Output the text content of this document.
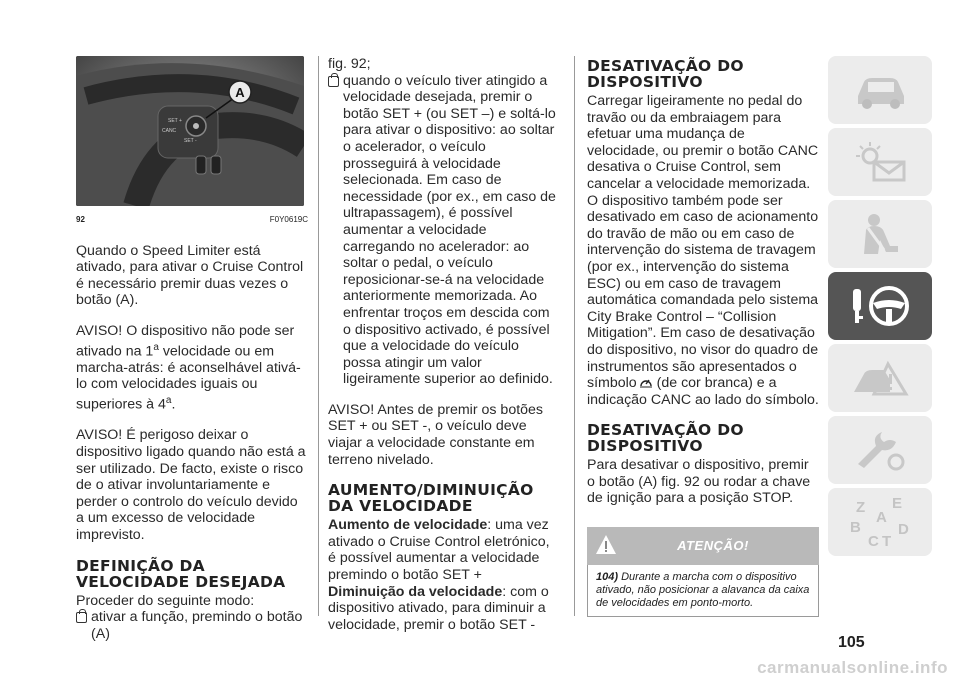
SET +
CANC
SET -
A
92	F0Y0619C

Quando o Speed Limiter está ativado, para ativar o Cruise Control é necessário premir duas vezes o botão (A).

AVISO! O dispositivo não pode ser ativado na 1$^a$ velocidade ou em marcha-atrás: é aconselhável ativá-lo com velocidades iguais ou superiores à 4$^a$.

AVISO! É perigoso deixar o dispositivo ligado quando não está a ser utilizado. De facto, existe o risco de o ativar involuntariamente e perder o controlo do veículo devido a um excesso de velocidade imprevisto.

DEFINIÇÃO DA VELOCIDADE DESEJADA

Proceder do seguinte modo:

ativar a função, premindo o botão (A)

fig. 92;

quando o veículo tiver atingido a velocidade desejada, premir o botão SET + (ou SET –) e soltá-lo para ativar o dispositivo: ao soltar o acelerador, o veículo prosseguirá à velocidade selecionada. Em caso de necessidade (por ex., em caso de ultrapassagem), é possível aumentar a velocidade carregando no acelerador: ao soltar o pedal, o veículo reposicionar-se-á na velocidade anteriormente memorizada. Ao enfrentar troços em descida com o dispositivo activado, é possível que a velocidade do veículo possa atingir um valor ligeiramente superior ao definido.

AVISO! Antes de premir os botões SET + ou SET -, o veículo deve viajar a velocidade constante em terreno nivelado.

AUMENTO/DIMINUIÇÃO DA VELOCIDADE

Aumento de velocidade: uma vez ativado o Cruise Control eletrónico, é possível aumentar a velocidade premindo o botão SET +

Diminuição da velocidade: com o dispositivo ativado, para diminuir a velocidade, premir o botão SET -

DESATIVAÇÃO DO DISPOSITIVO

Carregar ligeiramente no pedal do travão ou da embraiagem para efetuar uma mudança de velocidade, ou premir o botão CANC desativa o Cruise Control, sem cancelar a velocidade memorizada. O dispositivo também pode ser desativado em caso de acionamento do travão de mão ou em caso de intervenção do sistema de travagem (por ex., intervenção do sistema ESC) ou em caso de travagem automática comandada pelo sistema City Brake Control – “Collision Mitigation”. Em caso de desativação do dispositivo, no visor do quadro de instrumentos são apresentados o símbolo (de cor branca) e a indicação CANC ao lado do símbolo.

DESATIVAÇÃO DO DISPOSITIVO

Para desativar o dispositivo, premir o botão (A) fig. 92 ou rodar a chave de ignição para a posição STOP.

ATENÇÃO!
104) Durante a marcha com o dispositivo ativado, não posicionar a alavanca da caixa de velocidades em ponto-morto.
Z E
A
B
C
D
T
105
carmanualsonline.info
